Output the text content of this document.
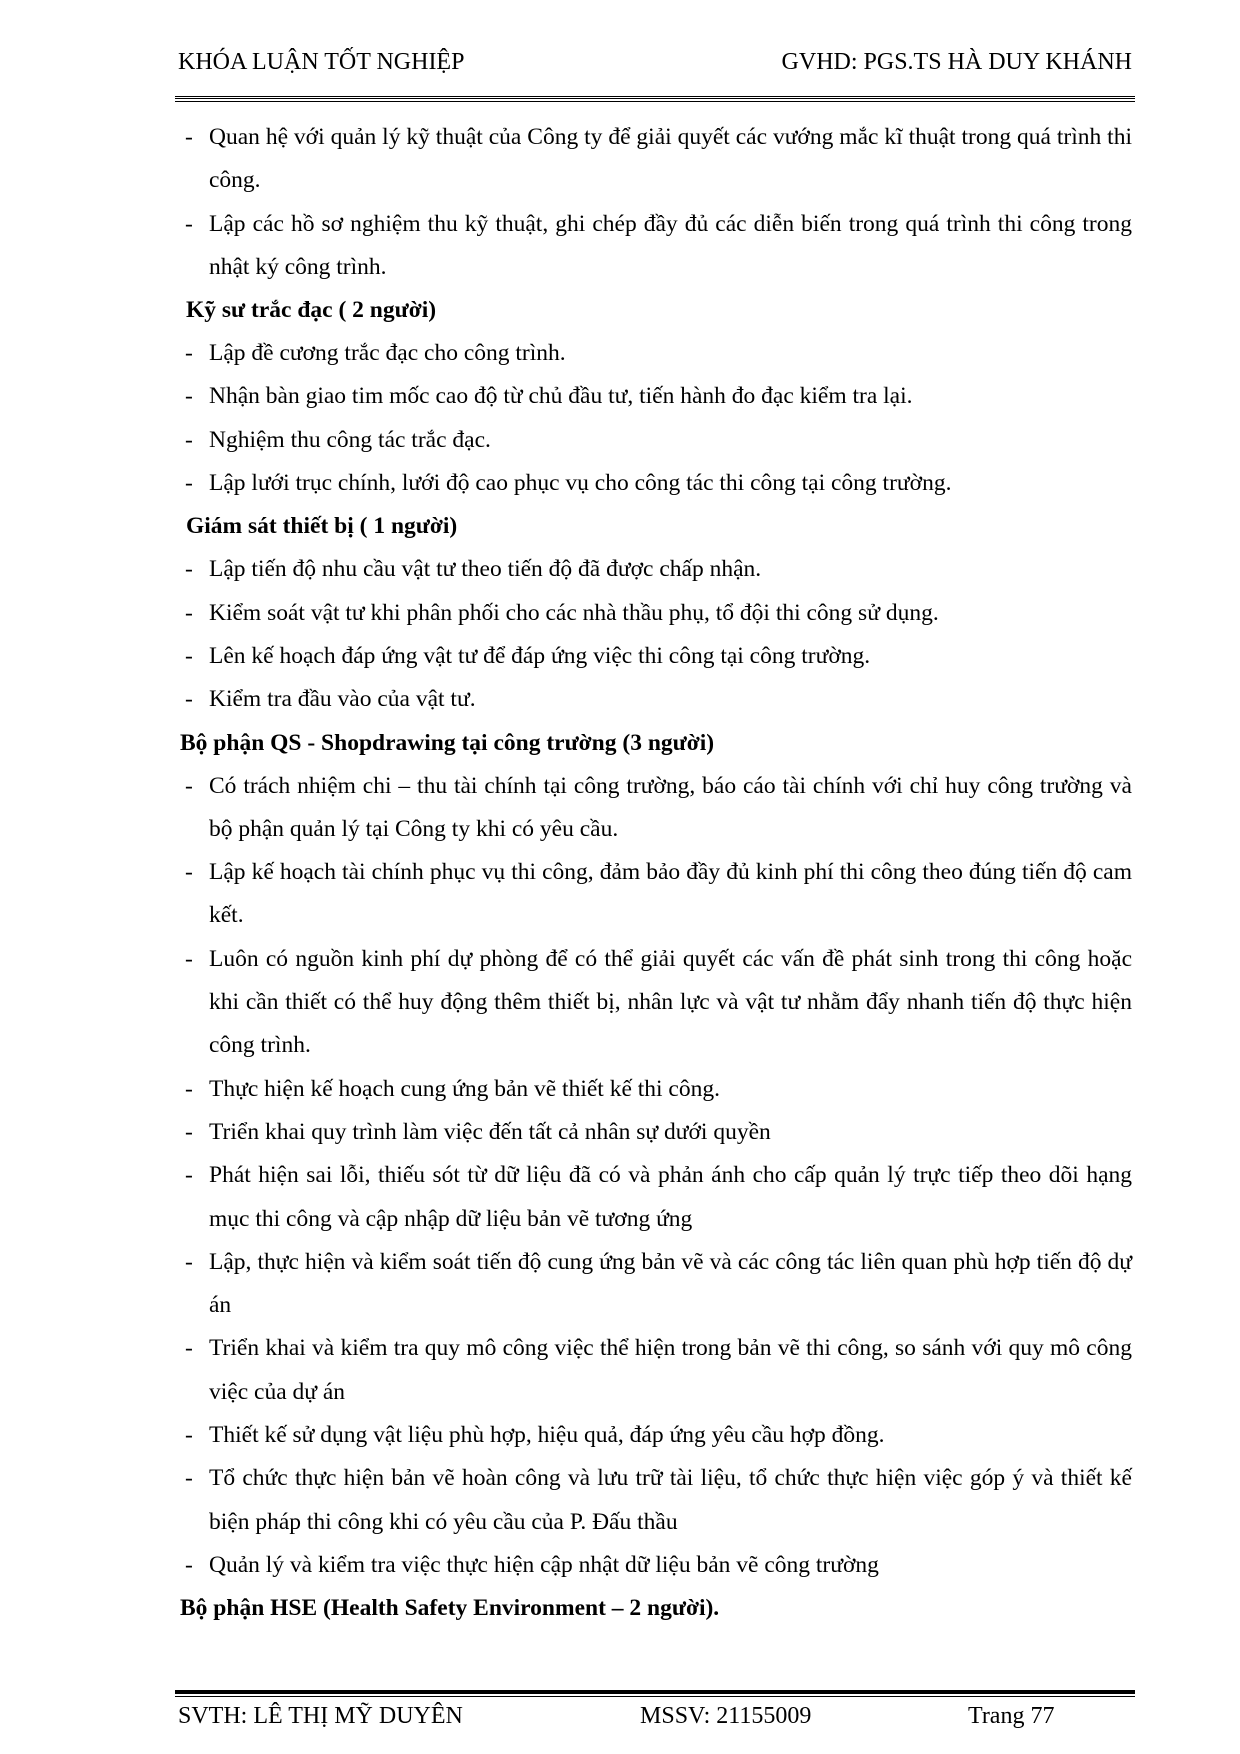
KHÓA LUẬN TỐT NGHIỆP	GVHD: PGS.TS HÀ DUY KHÁNH
- Quan hệ với quản lý kỹ thuật của Công ty để giải quyết các vướng mắc kĩ thuật trong quá trình thi công.
- Lập các hồ sơ nghiệm thu kỹ thuật, ghi chép đầy đủ các diễn biến trong quá trình thi công trong nhật ký công trình.
Kỹ sư trắc đạc ( 2 người)
- Lập đề cương trắc đạc cho công trình.
- Nhận bàn giao tim mốc cao độ từ chủ đầu tư, tiến hành đo đạc kiểm tra lại.
- Nghiệm thu công tác trắc đạc.
- Lập lưới trục chính, lưới độ cao phục vụ cho công tác thi công tại công trường.
Giám sát thiết bị ( 1 người)
- Lập tiến độ nhu cầu vật tư theo tiến độ đã được chấp nhận.
- Kiểm soát vật tư khi phân phối cho các nhà thầu phụ, tổ đội thi công sử dụng.
- Lên kế hoạch đáp ứng vật tư để đáp ứng việc thi công tại công trường.
- Kiểm tra đầu vào của vật tư.
Bộ phận QS - Shopdrawing tại công trường (3 người)
- Có trách nhiệm chi – thu tài chính tại công trường, báo cáo tài chính với chỉ huy công trường và bộ phận quản lý tại Công ty khi có yêu cầu.
- Lập kế hoạch tài chính phục vụ thi công, đảm bảo đầy đủ kinh phí thi công theo đúng tiến độ cam kết.
- Luôn có nguồn kinh phí dự phòng để có thể giải quyết các vấn đề phát sinh trong thi công hoặc khi cần thiết có thể huy động thêm thiết bị, nhân lực và vật tư nhằm đẩy nhanh tiến độ thực hiện công trình.
- Thực hiện kế hoạch cung ứng bản vẽ thiết kế thi công.
- Triển khai quy trình làm việc đến tất cả nhân sự dưới quyền
- Phát hiện sai lỗi, thiếu sót từ dữ liệu đã có và phản ánh cho cấp quản lý trực tiếp theo dõi hạng mục thi công và cập nhập dữ liệu bản vẽ tương ứng
- Lập, thực hiện và kiểm soát tiến độ cung ứng bản vẽ và các công tác liên quan phù hợp tiến độ dự án
- Triển khai và kiểm tra quy mô công việc thể hiện trong bản vẽ thi công, so sánh với quy mô công việc của dự án
- Thiết kế sử dụng vật liệu phù hợp, hiệu quả, đáp ứng yêu cầu hợp đồng.
- Tổ chức thực hiện bản vẽ hoàn công và lưu trữ tài liệu, tổ chức thực hiện việc góp ý và thiết kế biện pháp thi công khi có yêu cầu của P. Đấu thầu
- Quản lý và kiểm tra việc thực hiện cập nhật dữ liệu bản vẽ công trường
Bộ phận HSE (Health Safety Environment – 2 người).
SVTH: LÊ THỊ MỸ DUYÊN	MSSV: 21155009	Trang 77
